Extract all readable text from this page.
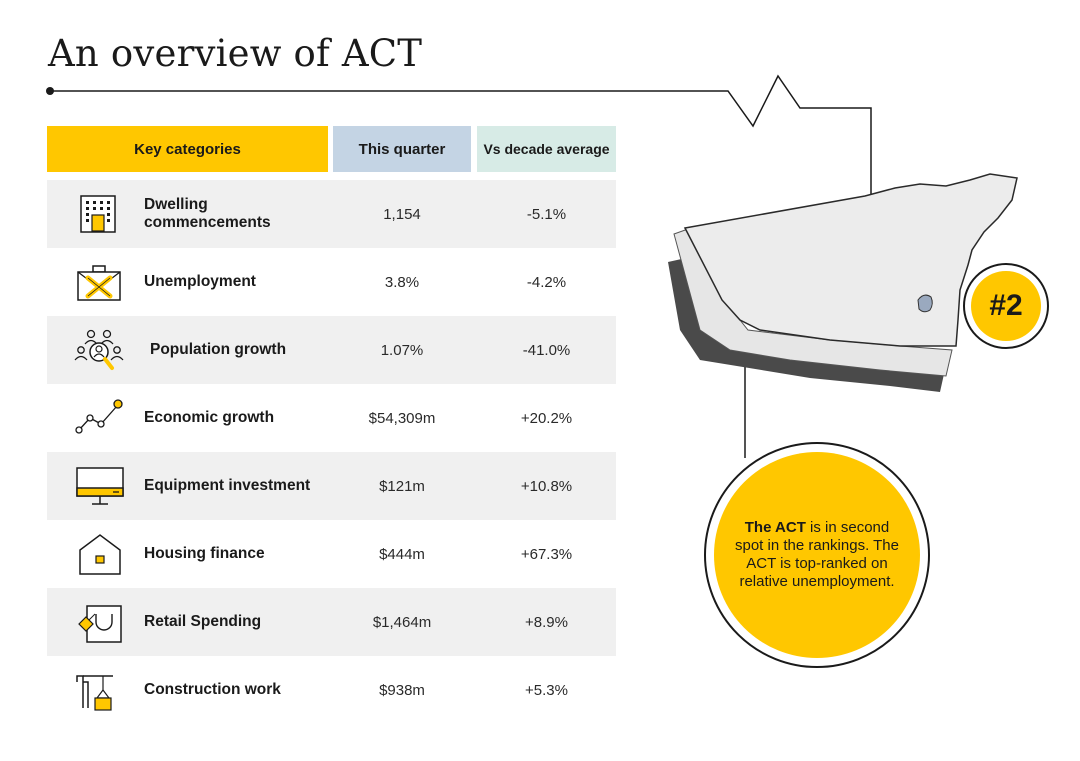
An overview of ACT
Key categories	This quarter	Vs decade average
Dwelling commencements	1,154	-5.1%
Unemployment	3.8%	-4.2%
Population growth	1.07%	-41.0%
Economic growth	$54,309m	+20.2%
Equipment investment	$121m	+10.8%
Housing finance	$444m	+67.3%
Retail Spending	$1,464m	+8.9%
Construction work	$938m	+5.3%
#2
The ACT is in second spot in the rankings. The ACT is top-ranked on relative unemployment.
